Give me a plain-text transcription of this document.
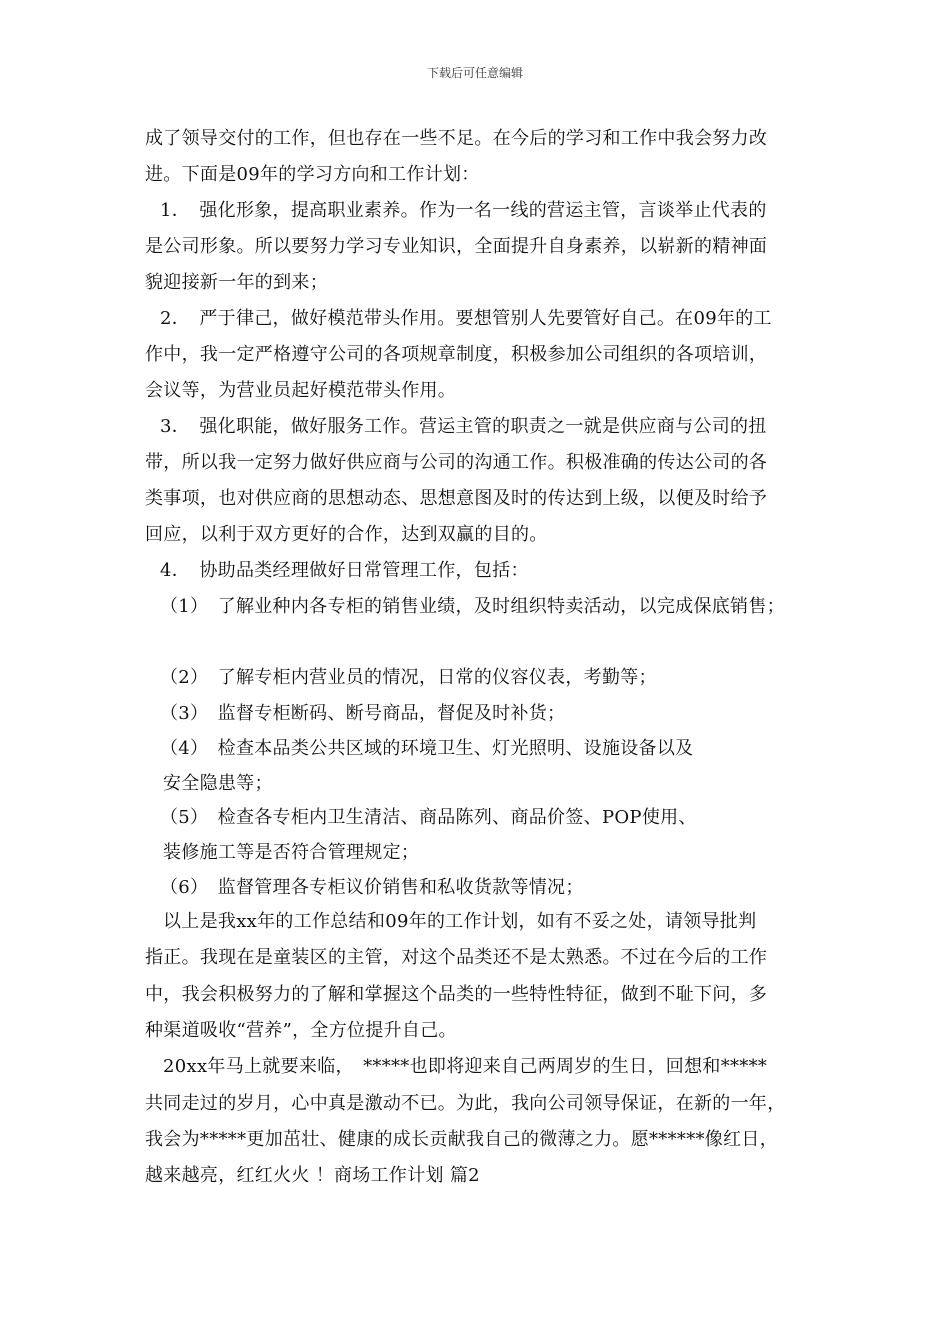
下载后可任意编辑
成了领导交付的工作，但也存在一些不足。在今后的学习和工作中我会努力改
进。下面是09年的学习方向和工作计划：
1．　强化形象，提高职业素养。作为一名一线的营运主管，言谈举止代表的
是公司形象。所以要努力学习专业知识，全面提升自身素养，以崭新的精神面
貌迎接新一年的到来；
2．　严于律己，做好模范带头作用。要想管别人先要管好自己。在09年的工
作中，我一定严格遵守公司的各项规章制度，积极参加公司组织的各项培训，
会议等，为营业员起好模范带头作用。
3．　强化职能，做好服务工作。营运主管的职责之一就是供应商与公司的扭
带，所以我一定努力做好供应商与公司的沟通工作。积极准确的传达公司的各
类事项，也对供应商的思想动态、思想意图及时的传达到上级，以便及时给予
回应，以利于双方更好的合作，达到双赢的目的。
4．　协助品类经理做好日常管理工作，包括：
（1）　了解业种内各专柜的销售业绩，及时组织特卖活动，以完成保底销售；
（2）　了解专柜内营业员的情况，日常的仪容仪表，考勤等；
（3）　监督专柜断码、断号商品，督促及时补货；
（4）　检查本品类公共区域的环境卫生、灯光照明、设施设备以及
安全隐患等；
（5）　检查各专柜内卫生清洁、商品陈列、商品价签、POP使用、
装修施工等是否符合管理规定；
（6）　监督管理各专柜议价销售和私收货款等情况；
以上是我xx年的工作总结和09年的工作计划，如有不妥之处，请领导批判
指正。我现在是童装区的主管，对这个品类还不是太熟悉。不过在今后的工作
中，我会积极努力的了解和掌握这个品类的一些特性特征，做到不耻下问，多
种渠道吸收“营养”，全方位提升自己。
20xx年马上就要来临，　*****也即将迎来自己两周岁的生日，回想和*****
共同走过的岁月，心中真是激动不已。为此，我向公司领导保证，在新的一年，
我会为*****更加茁壮、健康的成长贡献我自己的微薄之力。愿******像红日，
越来越亮，红红火火 ！商场工作计划 篇2
